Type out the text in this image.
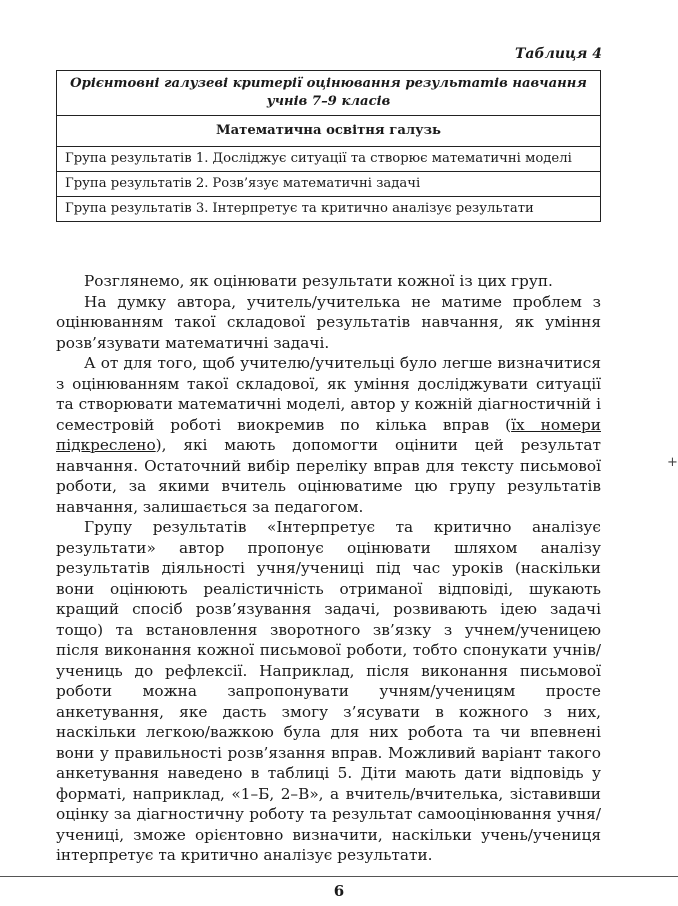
Таблиця 4
Орієнтовні галузеві критерії оцінювання результатів навчання учнів 7–9 класів
Математична освітня галузь

Група результатів 1. Досліджує ситуації та створює математичні моделі

Група результатів 2. Розв’язує математичні задачі

Група результатів 3. Інтерпретує та критично аналізує результати

Розглянемо, як оцінювати результати кожної із цих груп.

На думку автора, учитель/учителька не матиме проблем з оцінюванням такої складової результатів навчання, як уміння розв’язувати математичні задачі.

А от для того, щоб учителю/учительці було легше визначитися з оцінюванням такої складової, як уміння досліджувати ситуації та створювати математичні моделі, автор у кожній діагностичній і семестровій роботі виокремив по кілька вправ (їх номери підкреслено), які мають допомогти оцінити цей результат навчання. Остаточний вибір переліку вправ для тексту письмової роботи, за якими вчитель оцінюватиме цю групу результатів навчання, залишається за педагогом.

Групу результатів «Інтерпретує та критично аналізує результати» автор пропонує оцінювати шляхом аналізу результатів діяльності учня/учениці під час уроків (наскільки вони оцінюють реалістичність отриманої відповіді, шукають кращий спосіб розв’язування задачі, розвивають ідею задачі тощо) та встановлення зворотного зв’язку з учнем/ученицею після виконання кожної письмової роботи, тобто спонукати учнів/учениць до рефлексії. Наприклад, після виконання письмової роботи можна запропонувати учням/ученицям просте анкетування, яке дасть змогу з’ясувати в кожного з них, наскільки легкою/важкою була для них робота та чи впевнені вони у правильності розв’язання вправ. Можливий варіант такого анкетування наведено в таблиці 5. Діти мають дати відповідь у форматі, наприклад, «1–Б, 2–В», а вчитель/вчителька, зіставивши оцінку за діагностичну роботу та результат самооцінювання учня/учениці, зможе орієнтовно визначити, наскільки учень/учениця інтерпретує та критично аналізує результати.

+
6
